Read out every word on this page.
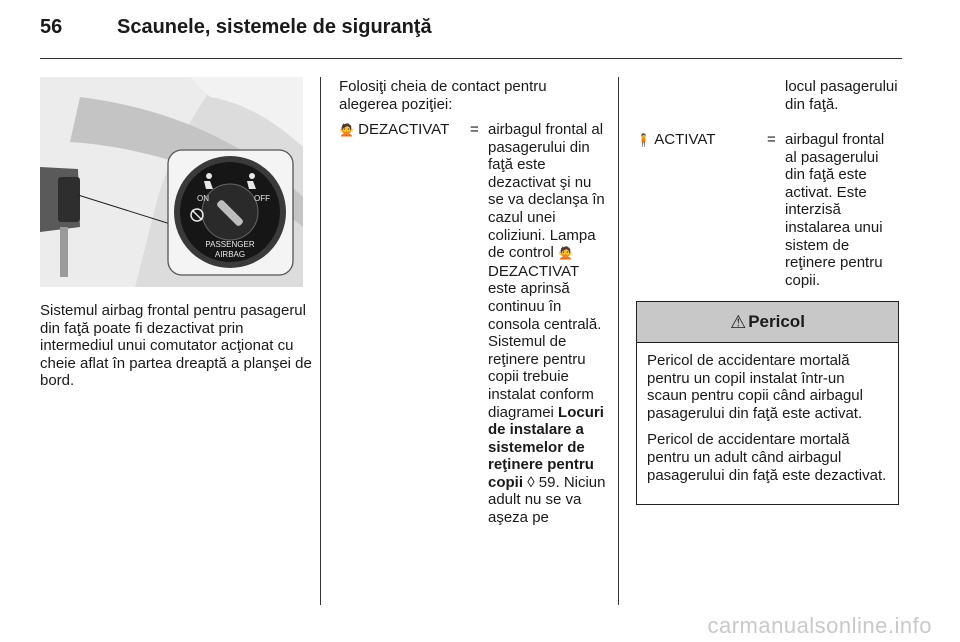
56	Scaunele, sistemele de siguranţă
ON	OFF
PASSENGER
AIRBAG
Sistemul airbag frontal pentru pasagerul din faţă poate fi dezactivat prin intermediul unui comutator acţionat cu cheie aflat în partea dreaptă a planşei de bord.
Folosiţi cheia de contact pentru alegerea poziţiei:
🙅 DEZACTIVAT = airbagul frontal al pasagerului din faţă este dezactivat şi nu se va declanşa în cazul unei coliziuni. Lampa de control 🙅 DEZACTIVAT este aprinsă continuu în consola centrală. Sistemul de reţinere pentru copii trebuie instalat conform diagramei Locuri de instalare a sistemelor de reţinere pentru copii ◊ 59. Niciun adult nu se va aşeza pe
locul pasagerului din faţă.
🧍 ACTIVAT	= airbagul frontal al pasagerului din faţă este activat. Este interzisă instalarea unui sistem de reţinere pentru copii.
⚠ Pericol

Pericol de accidentare mortală pentru un copil instalat într-un scaun pentru copii când airbagul pasagerului din faţă este activat.

Pericol de accidentare mortală pentru un adult când airbagul pasagerului din faţă este dezactivat.

carmanualsonline.info
